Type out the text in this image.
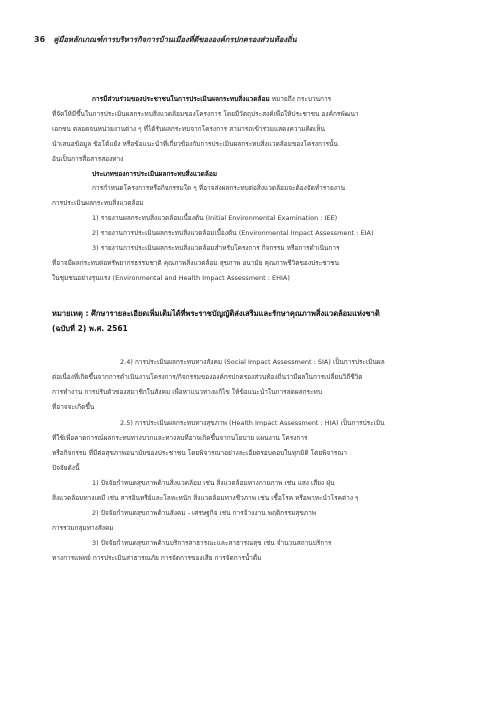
36 คู่มือหลักเกณฑ์การบริหารกิจการบ้านเมืองที่ดีขององค์กรปกครองส่วนท้องถิ่น
การมีส่วนร่วมของประชาชนในการประเมินผลกระทบสิ่งแวดล้อม หมายถึง กระบวนการ
ที่จัดให้มีขึ้นในการประเมินผลกระทบสิ่งแวดล้อมของโครงการ โดยมีวัตถุประสงค์เพื่อให้ประชาชน องค์กรพัฒนา
เอกชน ตลอดจนหน่วยงานต่าง ๆ ที่ได้รับผลกระทบจากโครงการ สามารถเข้าร่วมแสดงความคิดเห็น
นำเสนอข้อมูล ข้อโต้แย้ง หรือข้อแนะนำที่เกี่ยวข้องกับการประเมินผลกระทบสิ่งแวดล้อมของโครงการนั้น
อันเป็นการสื่อสารสองทาง
ประเภทของการประเมินผลกระทบสิ่งแวดล้อม
การกำหนดโครงการหรือกิจกรรมใด ๆ ที่อาจส่งผลกระทบต่อสิ่งแวดล้อมจะต้องจัดทำรายงาน
การประเมินผลกระทบสิ่งแวดล้อม
1) รายงานผลกระทบสิ่งแวดล้อมเบื้องต้น (Initial Environmental Examination : IEE)
2) รายงานการประเมินผลกระทบสิ่งแวดล้อมเบื้องต้น (Environmental Impact Assessment : EIA)
3) รายงานการประเมินผลกระทบสิ่งแวดล้อมสำหรับโครงการ กิจกรรม หรือการดำเนินการ
ที่อาจมีผลกระทบต่อทรัพยากรธรรมชาติ คุณภาพสิ่งแวดล้อม สุขภาพ อนามัย คุณภาพชีวิตของประชาชน
ในชุมชนอย่างรุนแรง (Environmental and Health Impact Assessment : EHIA)
หมายเหตุ : ศึกษารายละเอียดเพิ่มเติมได้ที่พระราชบัญญัติส่งเสริมและรักษาคุณภาพสิ่งแวดล้อมแห่งชาติ
(ฉบับที่ 2) พ.ศ. 2561
2.4) การประเมินผลกระทบทางสังคม (Social Impact Assessment : SIA) เป็นการประเมินผล
ต่อเนื่องที่เกิดขึ้นจากการดำเนินงานโครงการ/กิจกรรมขององค์กรปกครองส่วนท้องถิ่นว่ามีผลในการเปลี่ยนวิถีชีวิต
การทำงาน การปรับตัวของสมาชิกในสังคม เพื่อหาแนวทางแก้ไข ให้ข้อแนะนำในการลดผลกระทบ
ที่อาจจะเกิดขึ้น
2.5) การประเมินผลกระทบทางสุขภาพ (Health Impact Assessment : HIA) เป็นการประเมิน
ที่ใช้เพื่อคาดการณ์ผลกระทบทางบวกและทางลบที่อาจเกิดขึ้นจากนโยบาย แผนงาน โครงการ
หรือกิจกรรม ที่มีต่อสุขภาพอนามัยของประชาชน โดยพิจารณาอย่างละเอียดรอบคอบในทุกมิติ โดยพิจารณา
ปัจจัยดังนี้
1) ปัจจัยกำหนดสุขภาพด้านสิ่งแวดล้อม เช่น สิ่งแวดล้อมทางกายภาพ เช่น แสง เสียง ฝุ่น
สิ่งแวดล้อมทางเคมี เช่น สารอินทรีย์และโลหะหนัก สิ่งแวดล้อมทางชีวภาพ เช่น เชื้อโรค หรือพาหะนำโรคต่าง ๆ
2) ปัจจัยกำหนดสุขภาพด้านสังคม - เศรษฐกิจ เช่น การจ้างงาน พฤติกรรมสุขภาพ
การรวมกลุ่มทางสังคม
3) ปัจจัยกำหนดสุขภาพด้านบริการสาธารณะและสาธารณสุข เช่น จำนวนสถานบริการ
ทางการแพทย์ การประเมินสาธารณภัย การจัดการของเสีย การจัดการน้ำดื่ม
